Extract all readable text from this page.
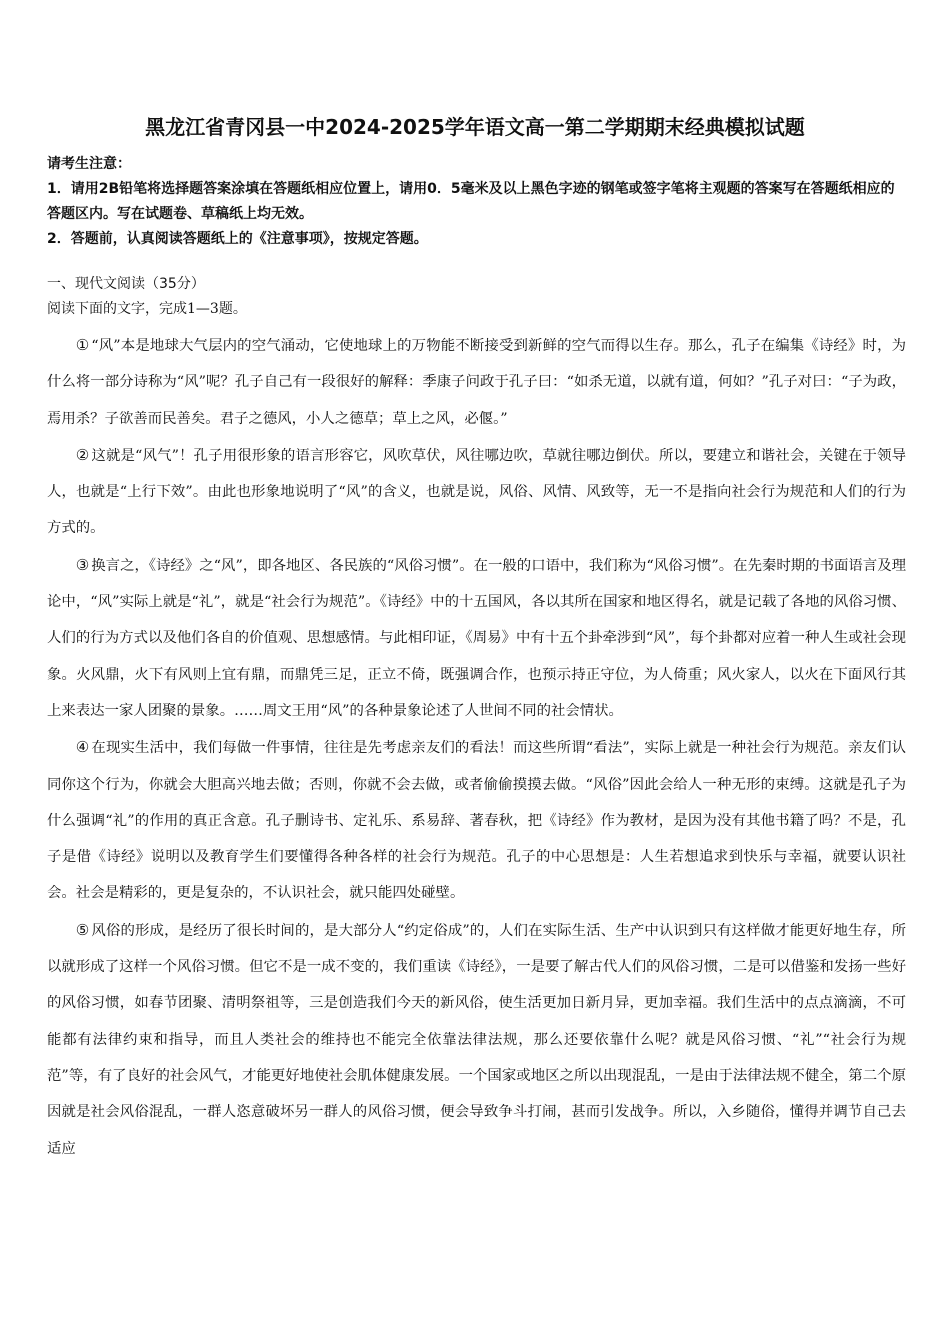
黑龙江省青冈县一中2024-2025学年语文高一第二学期期末经典模拟试题
请考生注意：
1．请用2B铅笔将选择题答案涂填在答题纸相应位置上，请用0．5毫米及以上黑色字迹的钢笔或签字笔将主观题的答案写在答题纸相应的答题区内。写在试题卷、草稿纸上均无效。
2．答题前，认真阅读答题纸上的《注意事项》，按规定答题。
一、现代文阅读（35分）
阅读下面的文字，完成1—3题。

① “风”本是地球大气层内的空气涌动，它使地球上的万物能不断接受到新鲜的空气而得以生存。那么，孔子在编集《诗经》时，为什么将一部分诗称为“风”呢？孔子自己有一段很好的解释：季康子问政于孔子曰：“如杀无道，以就有道，何如？”孔子对曰：“子为政，焉用杀？子欲善而民善矣。君子之德风，小人之德草；草上之风，必偃。”

② 这就是“风气”！孔子用很形象的语言形容它，风吹草伏，风往哪边吹，草就往哪边倒伏。所以，要建立和谐社会，关键在于领导人，也就是“上行下效”。由此也形象地说明了“风”的含义，也就是说，风俗、风情、风致等，无一不是指向社会行为规范和人们的行为方式的。

③ 换言之，《诗经》之“风”，即各地区、各民族的“风俗习惯”。在一般的口语中，我们称为“风俗习惯”。在先秦时期的书面语言及理论中，“风”实际上就是“礼”，就是“社会行为规范”。《诗经》中的十五国风，各以其所在国家和地区得名，就是记载了各地的风俗习惯、人们的行为方式以及他们各自的价值观、思想感情。与此相印证，《周易》中有十五个卦牵涉到“风”，每个卦都对应着一种人生或社会现象。火风鼎，火下有风则上宜有鼎，而鼎凭三足，正立不倚，既强调合作，也预示持正守位，为人倚重；风火家人，以火在下面风行其上来表达一家人团聚的景象。……周文王用“风”的各种景象论述了人世间不同的社会情状。

④ 在现实生活中，我们每做一件事情，往往是先考虑亲友们的看法！而这些所谓“看法”，实际上就是一种社会行为规范。亲友们认同你这个行为，你就会大胆高兴地去做；否则，你就不会去做，或者偷偷摸摸去做。“风俗”因此会给人一种无形的束缚。这就是孔子为什么强调“礼”的作用的真正含意。孔子删诗书、定礼乐、系易辞、著春秋，把《诗经》作为教材，是因为没有其他书籍了吗？不是，孔子是借《诗经》说明以及教育学生们要懂得各种各样的社会行为规范。孔子的中心思想是：人生若想追求到快乐与幸福，就要认识社会。社会是精彩的，更是复杂的，不认识社会，就只能四处碰壁。

⑤ 风俗的形成，是经历了很长时间的，是大部分人“约定俗成”的，人们在实际生活、生产中认识到只有这样做才能更好地生存，所以就形成了这样一个风俗习惯。但它不是一成不变的，我们重读《诗经》，一是要了解古代人们的风俗习惯，二是可以借鉴和发扬一些好的风俗习惯，如春节团聚、清明祭祖等，三是创造我们今天的新风俗，使生活更加日新月异，更加幸福。我们生活中的点点滴滴，不可能都有法律约束和指导，而且人类社会的维持也不能完全依靠法律法规，那么还要依靠什么呢？就是风俗习惯、“礼”“社会行为规范”等，有了良好的社会风气，才能更好地使社会肌体健康发展。一个国家或地区之所以出现混乱，一是由于法律法规不健全，第二个原因就是社会风俗混乱，一群人恣意破坏另一群人的风俗习惯，便会导致争斗打闹，甚而引发战争。所以，入乡随俗，懂得并调节自己去适应
